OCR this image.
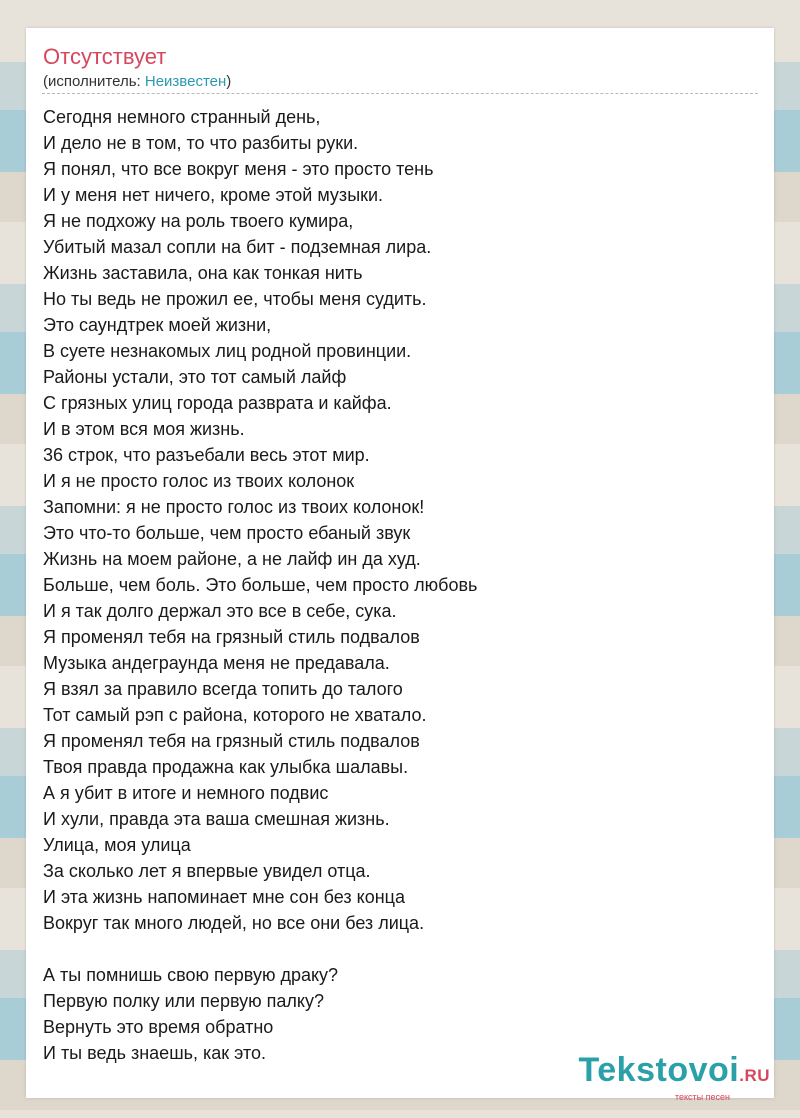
Отсутствует
(исполнитель: Неизвестен)
Сегодня немного странный день,
И дело не в том, то что разбиты руки.
Я понял, что все вокруг меня - это просто тень
И у меня нет ничего, кроме этой музыки.
Я не подхожу на роль твоего кумира,
Убитый мазал сопли на бит - подземная лира.
Жизнь заставила, она как тонкая нить
Но ты ведь не прожил ее, чтобы меня судить.
Это саундтрек моей жизни,
В суете незнакомых лиц родной провинции.
Районы устали, это тот самый лайф
С грязных улиц города разврата и кайфа.
И в этом вся моя жизнь.
36 строк, что разъебали весь этот мир.
И я не просто голос из твоих колонок
Запомни: я не просто голос из твоих колонок!
Это что-то больше, чем просто ебаный звук
Жизнь на моем районе, а не лайф ин да худ.
Больше, чем боль. Это больше, чем просто любовь
И я так долго держал это все в себе, сука.
Я променял тебя на грязный стиль подвалов
Музыка андеграунда меня не предавала.
Я взял за правило всегда топить до талого
Тот самый рэп с района, которого не хватало.
Я променял тебя на грязный стиль подвалов
Твоя правда продажна как улыбка шалавы.
А я убит в итоге и немного подвис
И хули, правда эта ваша смешная жизнь.
Улица, моя улица
За сколько лет я впервые увидел отца.
И эта жизнь напоминает мне сон без конца
Вокруг так много людей, но все они без лица.
А ты помнишь свою первую драку?
Первую полку или первую палку?
Вернуть это время обратно
И ты ведь знаешь, как это.	Tekstovoi.RU
тексты песен
